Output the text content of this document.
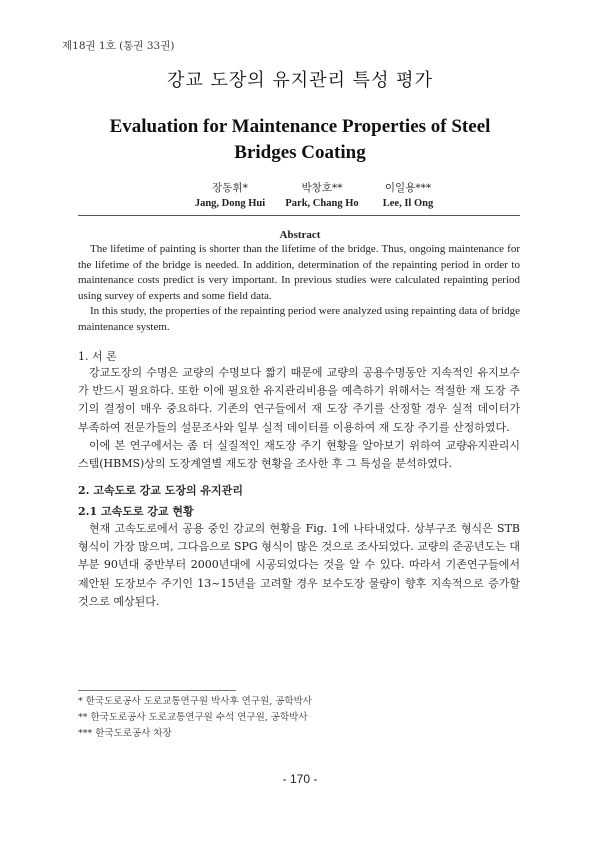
제18권 1호 (통권 33권)
강교 도장의 유지관리 특성 평가
Evaluation for Maintenance Properties of Steel Bridges Coating
장동휘*
Jang, Dong Hui
박창호**
Park, Chang Ho
이일용***
Lee, Il Ong
Abstract

The lifetime of painting is shorter than the lifetime of the bridge. Thus, ongoing maintenance for the lifetime of the bridge is needed. In addition, determination of the repainting period in order to maintenance costs predict is very important. In previous studies were calculated repainting period using survey of experts and some field data.

In this study, the properties of the repainting period were analyzed using repainting data of bridge maintenance system.

1. 서 론

강교도장의 수명은 교량의 수명보다 짧기 때문에 교량의 공용수명동안 지속적인 유지보수가 반드시 필요하다. 또한 이에 필요한 유지관리비용을 예측하기 위해서는 적절한 재 도장 주기의 결정이 매우 중요하다. 기존의 연구들에서 재 도장 주기를 산정할 경우 실적 데이터가 부족하여 전문가들의 설문조사와 일부 실적 데이터를 이용하여 재 도장 주기를 산정하였다.

이에 본 연구에서는 좀 더 실질적인 재도장 주기 현황을 알아보기 위하여 교량유지관리시스템(HBMS)상의 도장계열별 재도장 현황을 조사한 후 그 특성을 분석하였다.

2. 고속도로 강교 도장의 유지관리
2.1 고속도로 강교 현황

현재 고속도로에서 공용 중인 강교의 현황을 Fig. 1에 나타내었다. 상부구조 형식은 STB 형식이 가장 많으며, 그다음으로 SPG 형식이 많은 것으로 조사되었다. 교량의 준공년도는 대부분 90년대 중반부터 2000년대에 시공되었다는 것을 알 수 있다. 따라서 기존연구들에서 제안된 도장보수 주기인 13~15년을 고려할 경우 보수도장 물량이 향후 지속적으로 증가할 것으로 예상된다.

* 한국도로공사 도로교통연구원 박사후 연구원, 공학박사
** 한국도로공사 도로교통연구원 수석 연구원, 공학박사
*** 한국도로공사 차장
- 170 -
